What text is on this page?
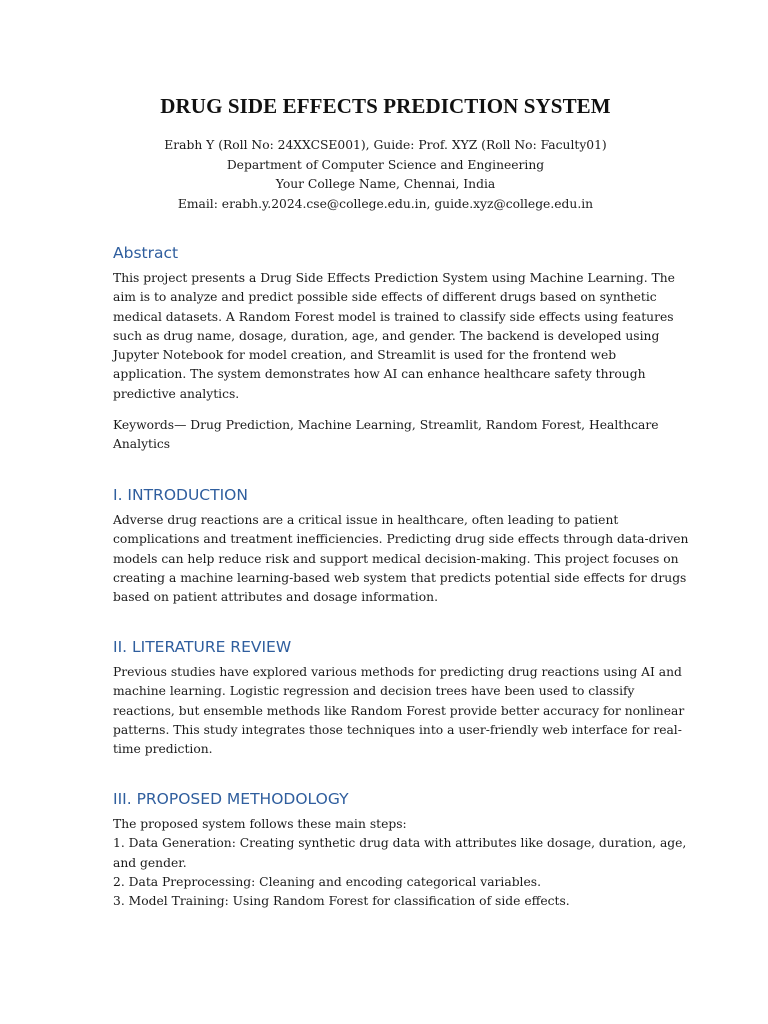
DRUG SIDE EFFECTS PREDICTION SYSTEM
Erabh Y (Roll No: 24XXCSE001), Guide: Prof. XYZ (Roll No: Faculty01)
Department of Computer Science and Engineering
Your College Name, Chennai, India
Email: erabh.y.2024.cse@college.edu.in, guide.xyz@college.edu.in
Abstract

This project presents a Drug Side Effects Prediction System using Machine Learning. The
aim is to analyze and predict possible side effects of different drugs based on synthetic
medical datasets. A Random Forest model is trained to classify side effects using features
such as drug name, dosage, duration, age, and gender. The backend is developed using
Jupyter Notebook for model creation, and Streamlit is used for the frontend web
application. The system demonstrates how AI can enhance healthcare safety through
predictive analytics.

Keywords— Drug Prediction, Machine Learning, Streamlit, Random Forest, Healthcare
Analytics

I. INTRODUCTION

Adverse drug reactions are a critical issue in healthcare, often leading to patient
complications and treatment inefficiencies. Predicting drug side effects through data-driven
models can help reduce risk and support medical decision-making. This project focuses on
creating a machine learning-based web system that predicts potential side effects for drugs
based on patient attributes and dosage information.

II. LITERATURE REVIEW

Previous studies have explored various methods for predicting drug reactions using AI and
machine learning. Logistic regression and decision trees have been used to classify
reactions, but ensemble methods like Random Forest provide better accuracy for nonlinear
patterns. This study integrates those techniques into a user-friendly web interface for real-
time prediction.

III. PROPOSED METHODOLOGY

The proposed system follows these main steps:
1. Data Generation: Creating synthetic drug data with attributes like dosage, duration, age,
and gender.
2. Data Preprocessing: Cleaning and encoding categorical variables.
3. Model Training: Using Random Forest for classification of side effects.
